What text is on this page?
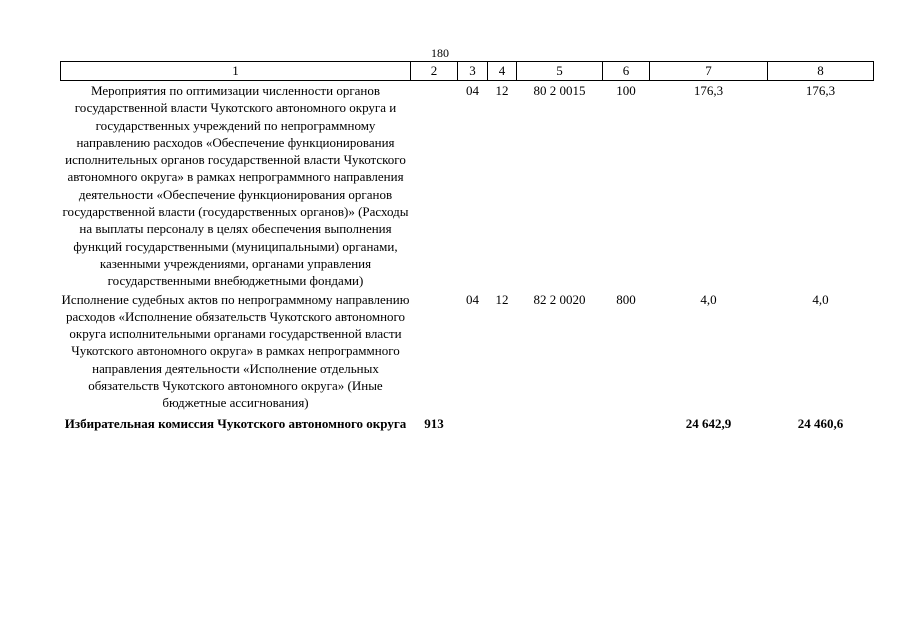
180
1	2	3	4	5	6	7	8
Мероприятия по оптимизации численности органов государственной власти Чукотского автономного округа и государственных учреждений по непрограммному направлению расходов «Обеспечение функционирования исполнительных органов государственной власти Чукотского автономного округа» в рамках непрограммного направления деятельности «Обеспечение функционирования органов государственной власти (государственных органов)» (Расходы на выплаты персоналу в целях обеспечения выполнения функций государственными (муниципальными) органами, казенными учреждениями, органами управления государственными внебюджетными фондами)		04	12	80 2 0015	100	176,3	176,3
Исполнение судебных актов по непрограммному направлению расходов «Исполнение обязательств Чукотского автономного округа исполнительными органами государственной власти Чукотского автономного округа» в рамках непрограммного направления деятельности «Исполнение отдельных обязательств Чукотского автономного округа» (Иные бюджетные ассигнования)		04	12	82 2 0020	800	4,0	4,0
Избирательная комиссия Чукотского автономного округа	913					24 642,9	24 460,6
